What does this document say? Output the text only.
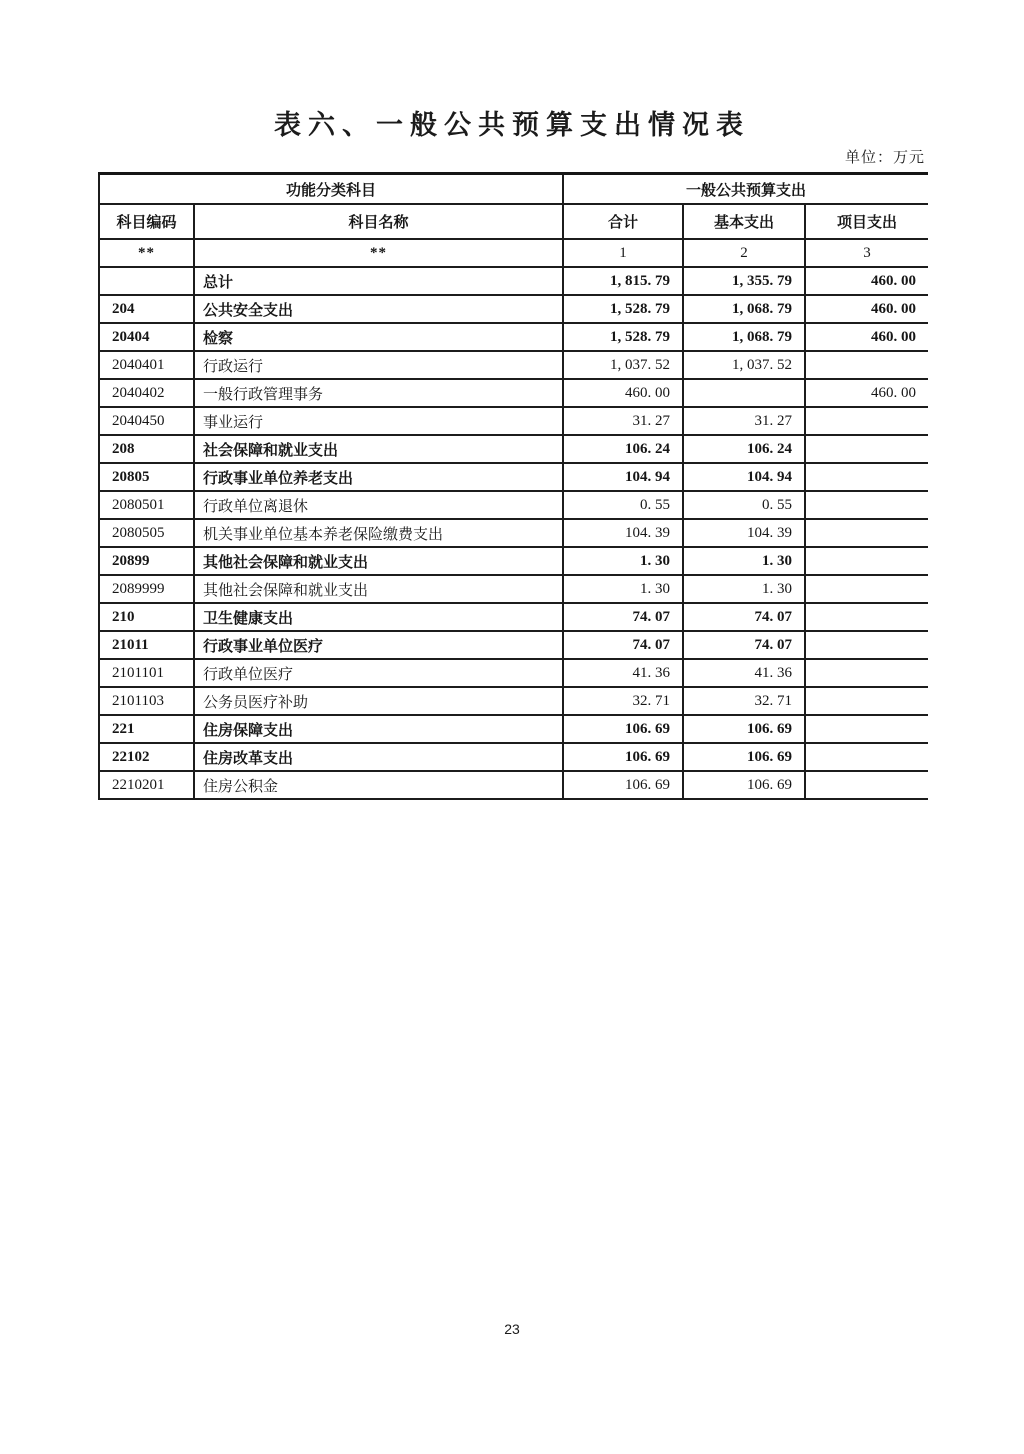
表六、一般公共预算支出情况表
单位：万元
功能分类科目		一般公共预算支出		
科目编码	科目名称	合计	基本支出	项目支出
**	**	1	2	3
	总计	1, 815. 79	1, 355. 79	460. 00
204	公共安全支出	1, 528. 79	1, 068. 79	460. 00
20404	检察	1, 528. 79	1, 068. 79	460. 00
2040401	行政运行	1, 037. 52	1, 037. 52	
2040402	一般行政管理事务	460. 00		460. 00
2040450	事业运行	31. 27	31. 27	
208	社会保障和就业支出	106. 24	106. 24	
20805	行政事业单位养老支出	104. 94	104. 94	
2080501	行政单位离退休	0. 55	0. 55	
2080505	机关事业单位基本养老保险缴费支出	104. 39	104. 39	
20899	其他社会保障和就业支出	1. 30	1. 30	
2089999	其他社会保障和就业支出	1. 30	1. 30	
210	卫生健康支出	74. 07	74. 07	
21011	行政事业单位医疗	74. 07	74. 07	
2101101	行政单位医疗	41. 36	41. 36	
2101103	公务员医疗补助	32. 71	32. 71	
221	住房保障支出	106. 69	106. 69	
22102	住房改革支出	106. 69	106. 69	
2210201	住房公积金	106. 69	106. 69	
23
